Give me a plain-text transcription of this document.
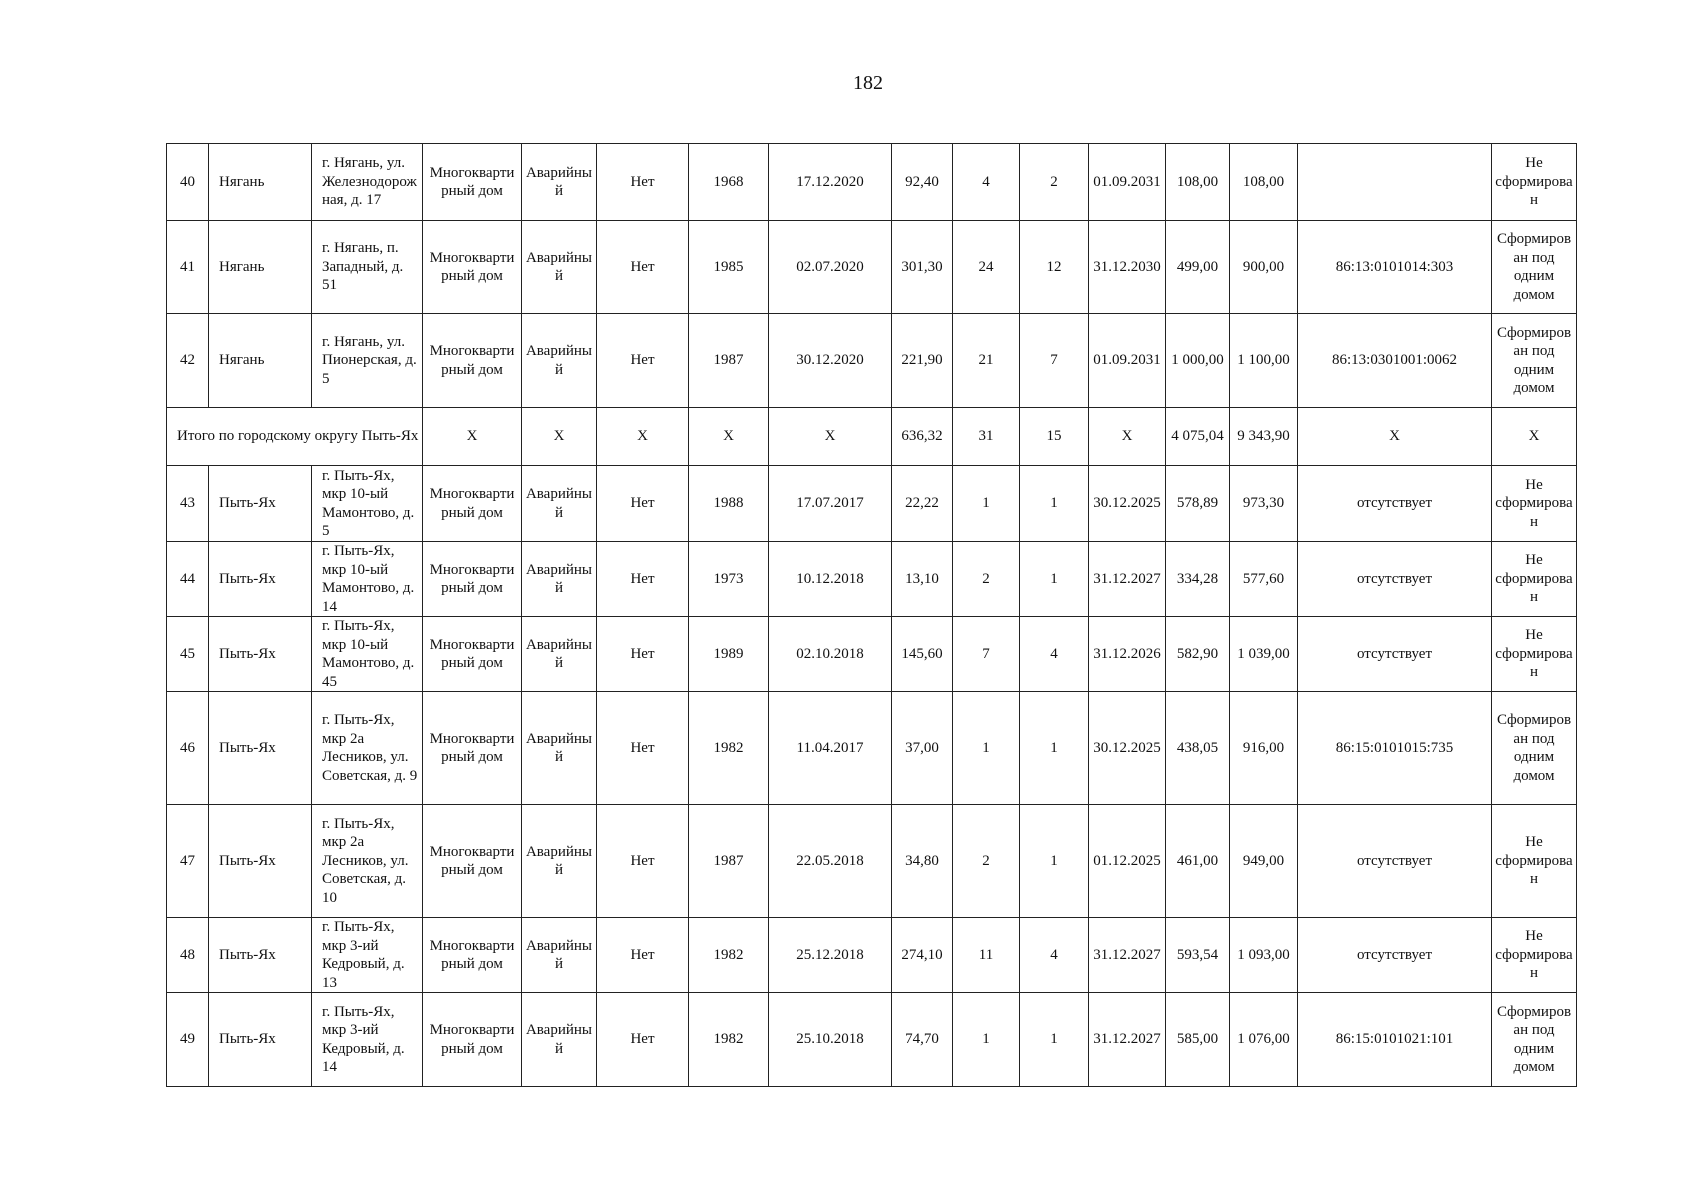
182
40	Нягань	г. Нягань, ул. Железнодорожная, д. 17	Многоквартирный дом	Аварийный	Нет	1968	17.12.2020	92,40	4	2	01.09.2031	108,00	108,00		Не сформирован
41	Нягань	г. Нягань, п. Западный, д. 51	Многоквартирный дом	Аварийный	Нет	1985	02.07.2020	301,30	24	12	31.12.2030	499,00	900,00	86:13:0101014:303	Сформирован под одним домом
42	Нягань	г. Нягань, ул. Пионерская, д. 5	Многоквартирный дом	Аварийный	Нет	1987	30.12.2020	221,90	21	7	01.09.2031	1 000,00	1 100,00	86:13:0301001:0062	Сформирован под одним домом
Итого по городскому округу Пыть-Ях			X	X	X	X	X	636,32	31	15	X	4 075,04	9 343,90	X	X
43	Пыть-Ях	г. Пыть-Ях, мкр 10-ый Мамонтово, д. 5	Многоквартирный дом	Аварийный	Нет	1988	17.07.2017	22,22	1	1	30.12.2025	578,89	973,30	отсутствует	Не сформирован
44	Пыть-Ях	г. Пыть-Ях, мкр 10-ый Мамонтово, д. 14	Многоквартирный дом	Аварийный	Нет	1973	10.12.2018	13,10	2	1	31.12.2027	334,28	577,60	отсутствует	Не сформирован
45	Пыть-Ях	г. Пыть-Ях, мкр 10-ый Мамонтово, д. 45	Многоквартирный дом	Аварийный	Нет	1989	02.10.2018	145,60	7	4	31.12.2026	582,90	1 039,00	отсутствует	Не сформирован
46	Пыть-Ях	г. Пыть-Ях, мкр 2а Лесников, ул. Советская, д. 9	Многоквартирный дом	Аварийный	Нет	1982	11.04.2017	37,00	1	1	30.12.2025	438,05	916,00	86:15:0101015:735	Сформирован под одним домом
47	Пыть-Ях	г. Пыть-Ях, мкр 2а Лесников, ул. Советская, д. 10	Многоквартирный дом	Аварийный	Нет	1987	22.05.2018	34,80	2	1	01.12.2025	461,00	949,00	отсутствует	Не сформирован
48	Пыть-Ях	г. Пыть-Ях, мкр 3-ий Кедровый, д. 13	Многоквартирный дом	Аварийный	Нет	1982	25.12.2018	274,10	11	4	31.12.2027	593,54	1 093,00	отсутствует	Не сформирован
49	Пыть-Ях	г. Пыть-Ях, мкр 3-ий Кедровый, д. 14	Многоквартирный дом	Аварийный	Нет	1982	25.10.2018	74,70	1	1	31.12.2027	585,00	1 076,00	86:15:0101021:101	Сформирован под одним домом
